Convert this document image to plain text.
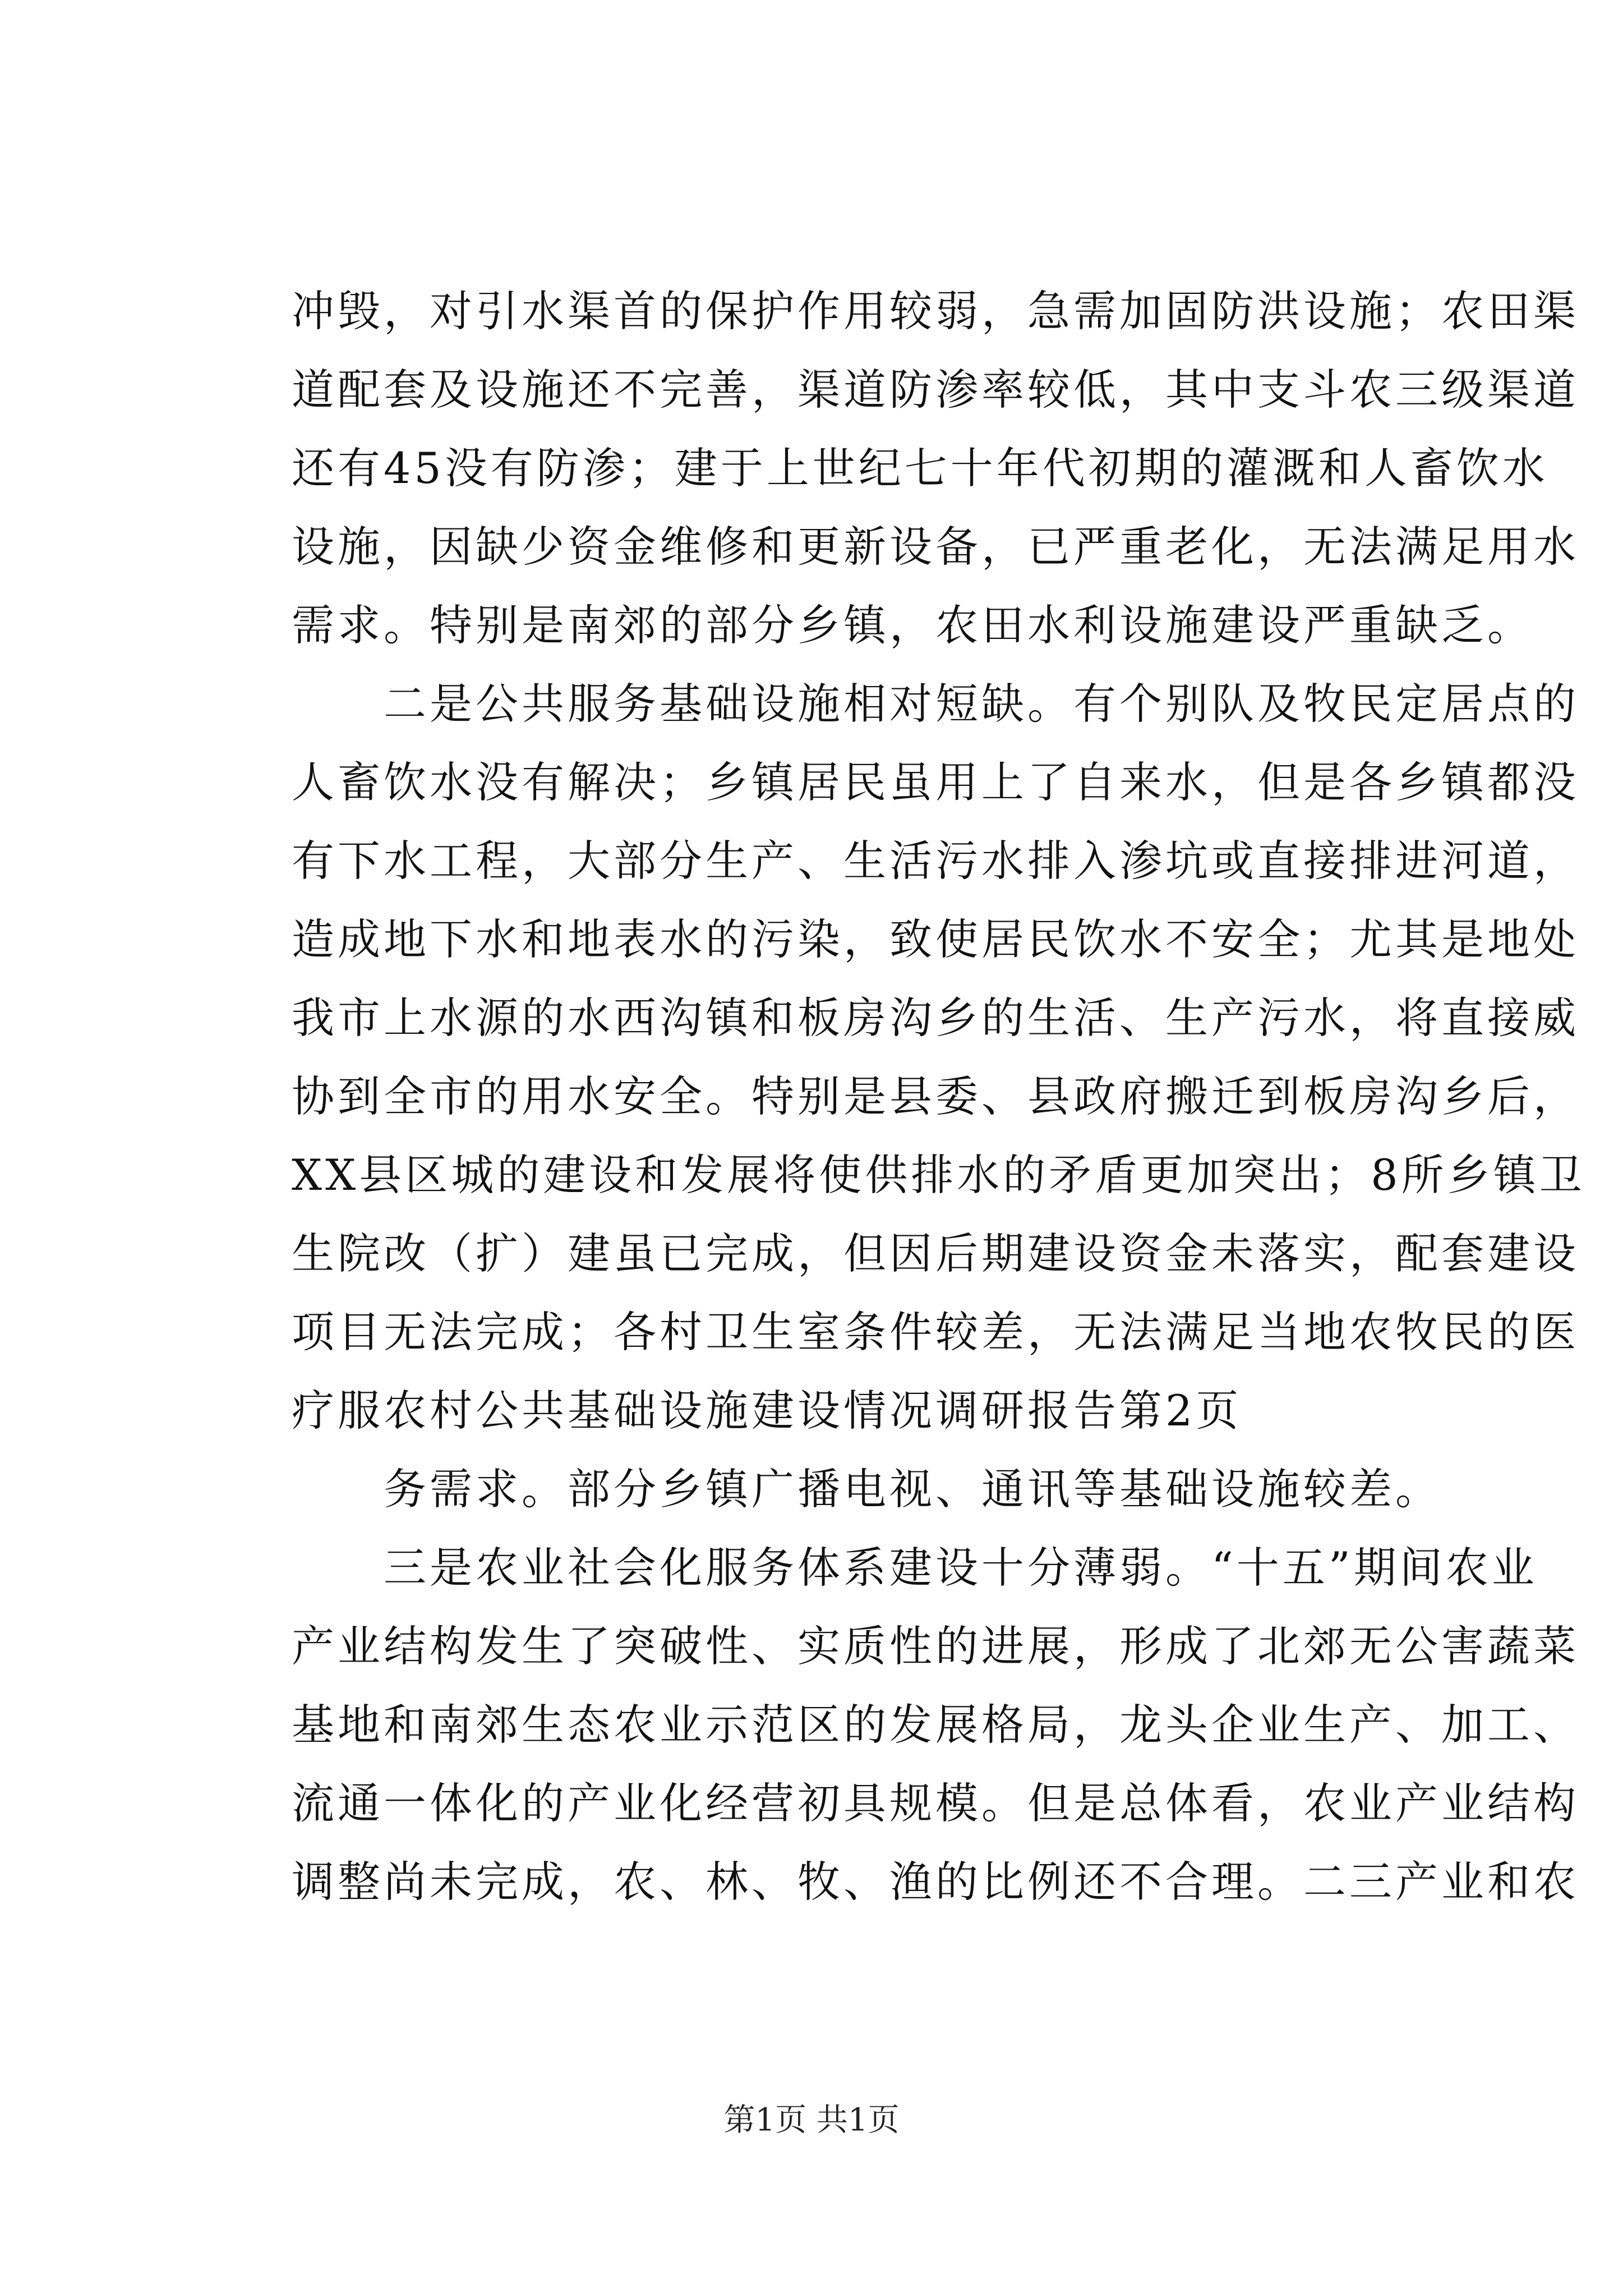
冲毁，对引水渠首的保护作用较弱，急需加固防洪设施；农田渠
道配套及设施还不完善，渠道防渗率较低，其中支斗农三级渠道
还有45没有防渗；建于上世纪七十年代初期的灌溉和人畜饮水
设施，因缺少资金维修和更新设备，已严重老化，无法满足用水
需求。特别是南郊的部分乡镇，农田水利设施建设严重缺乏。
　　二是公共服务基础设施相对短缺。有个别队及牧民定居点的
人畜饮水没有解决；乡镇居民虽用上了自来水，但是各乡镇都没
有下水工程，大部分生产、生活污水排入渗坑或直接排进河道，
造成地下水和地表水的污染，致使居民饮水不安全；尤其是地处
我市上水源的水西沟镇和板房沟乡的生活、生产污水，将直接威
协到全市的用水安全。特别是县委、县政府搬迁到板房沟乡后，
XX县区城的建设和发展将使供排水的矛盾更加突出；8所乡镇卫
生院改（扩）建虽已完成，但因后期建设资金未落实，配套建设
项目无法完成；各村卫生室条件较差，无法满足当地农牧民的医
疗服农村公共基础设施建设情况调研报告第2页
　　务需求。部分乡镇广播电视、通讯等基础设施较差。
　　三是农业社会化服务体系建设十分薄弱。“十五”期间农业
产业结构发生了突破性、实质性的进展，形成了北郊无公害蔬菜
基地和南郊生态农业示范区的发展格局，龙头企业生产、加工、
流通一体化的产业化经营初具规模。但是总体看，农业产业结构
调整尚未完成，农、林、牧、渔的比例还不合理。二三产业和农
第1页 共1页
